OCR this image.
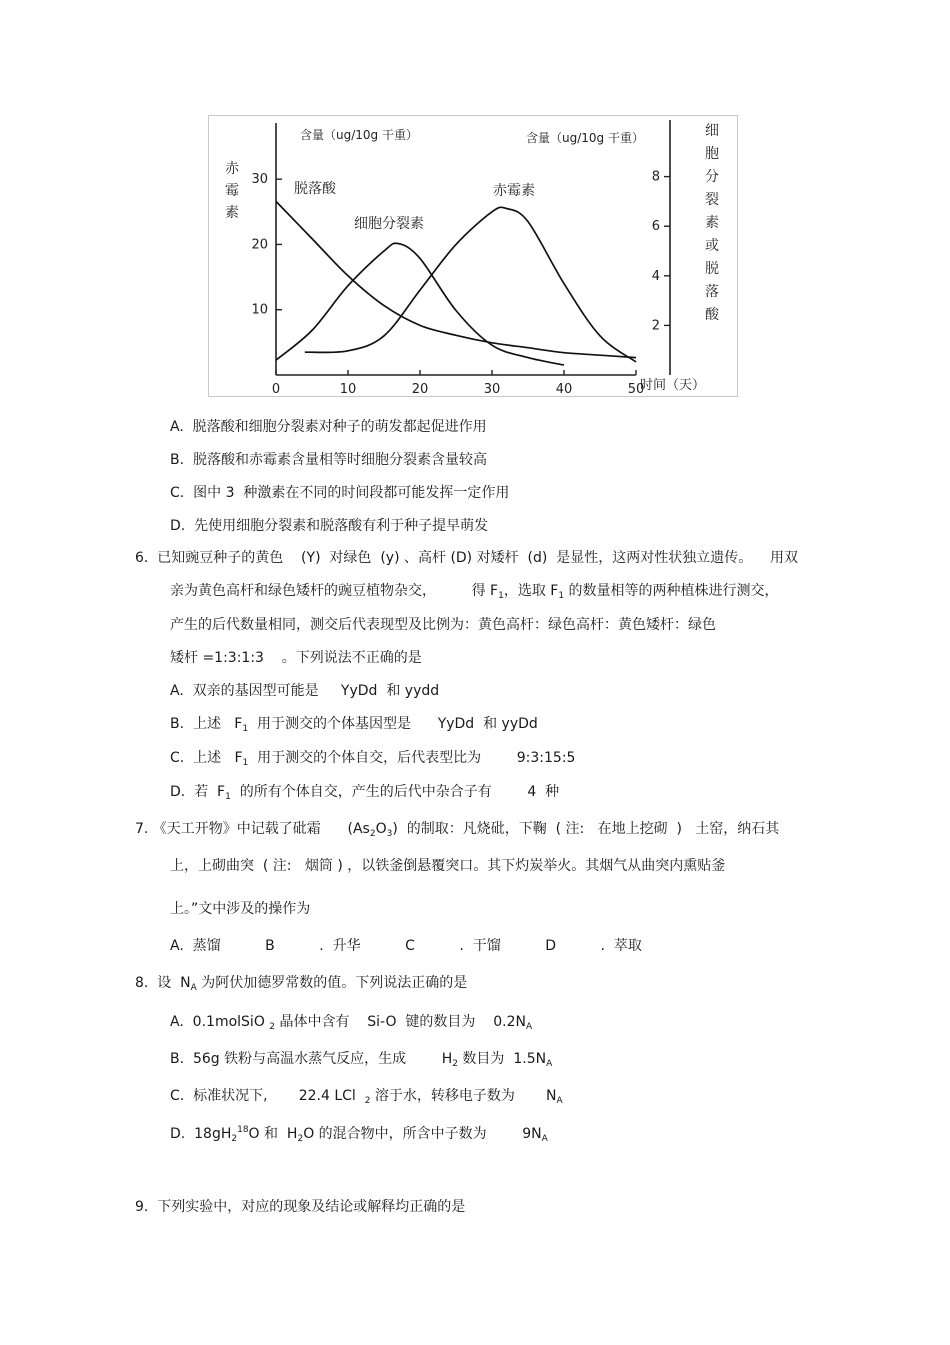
含量（ug/10g 干重）	含量（ug/10g 干重）
时间（天）
10
20
30
2
4
6
8
0	10	20	30	40	50
赤
霉
素
细
胞
分
裂
素
或
脱
落
酸
脱落酸
细胞分裂素
赤霉素
A.  脱落酸和细胞分裂素对种子的萌发都起促进作用
B.  脱落酸和赤霉素含量相等时细胞分裂素含量较高
C.  图中 3  种激素在不同的时间段都可能发挥一定作用
D.  先使用细胞分裂素和脱落酸有利于种子提早萌发
6.  已知豌豆种子的黄色    (Y)  对绿色  (y) 、高杆 (D) 对矮杆  (d)  是显性，这两对性状独立遗传。    用双
亲为黄色高杆和绿色矮杆的豌豆植物杂交，        得 $F_1$，选取 $F_1$ 的数量相等的两种植株进行测交，
产生的后代数量相同，测交后代表现型及比例为：黄色高杆：绿色高杆：黄色矮杆：绿色
矮杆 =1:3:1:3    。下列说法不正确的是
A.  双亲的基因型可能是     YyDd  和 yydd
B.  上述   $F_1$  用于测交的个体基因型是      YyDd  和 yyDd
C.  上述   $F_1$  用于测交的个体自交，后代表型比为        9:3:15:5
D.  若  $F_1$  的所有个体自交，产生的后代中杂合子有        4  种
7. 《天工开物》中记载了砒霜      $(As_2O_3)$  的制取：凡烧砒，下鞠  ( 注:   在地上挖砌  )   土窑，纳石其
上，上砌曲突  ( 注:   烟筒 ) ，以铁釜倒悬覆突口。其下灼炭举火。其烟气从曲突内熏贴釜
上。”文中涉及的操作为
A.  蒸馏          B          .  升华          C          .  干馏          D          .  萃取
8.  设  $N_A$ 为阿伏加德罗常数的值。下列说法正确的是
A.  0.1molSiO $_2$ 晶体中含有    Si-O  键的数目为    $0.2N_A$
B.  56g 铁粉与高温水蒸气反应，生成        $H_2$ 数目为  $1.5N_A$
C.  标准状况下,       22.4 LCl  $_2$ 溶于水，转移电子数为       $N_A$
D.  $18gH_2^{18}O$ 和  $H_2O$ 的混合物中，所含中子数为        $9N_A$
9.  下列实验中，对应的现象及结论或解释均正确的是
